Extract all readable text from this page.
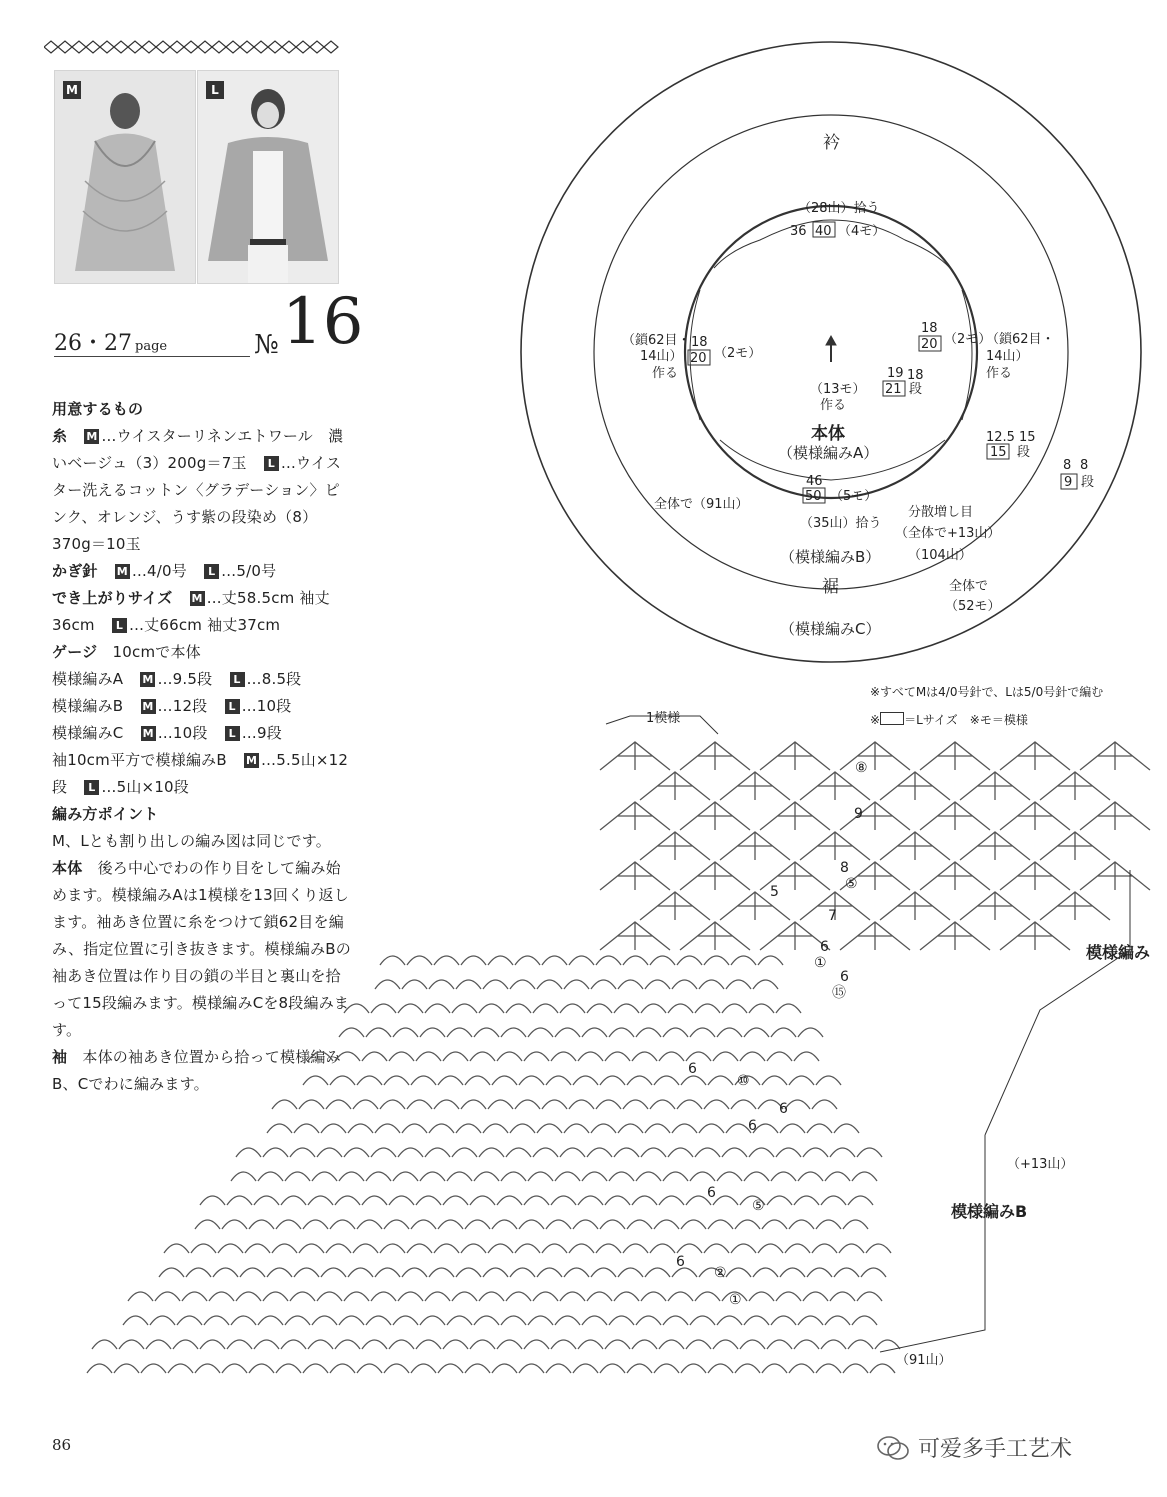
M	L
26・27 page	№ 16

用意するもの

糸　 M …ウイスターリネンエトワール　濃いベージュ（3）200g＝7玉　 L …ウイスター洗えるコットン〈グラデーション〉ピンク、オレンジ、うす紫の段染め（8）370g＝10玉

かぎ針　 M …4/0号　 L …5/0号

でき上がりサイズ　 M …丈58.5cm 袖丈36cm　 L …丈66cm 袖丈37cm

ゲージ　 10cmで本体

模様編みA　 M …9.5段　 L …8.5段

模様編みB　 M …12段　 L …10段

模様編みC　 M …10段　 L …9段

袖10cm平方で模様編みB　 M …5.5山×12段　 L …5山×10段

編み方ポイント

M、Lとも割り出しの編み図は同じです。

本体　 後ろ中心でわの作り目をして編み始めます。模様編みAは1模様を13回くり返します。袖あき位置に糸をつけて鎖62目を編み、指定位置に引き抜きます。模様編みBの袖あき位置は作り目の鎖の半目と裏山を拾って15段編みます。模様編みCを8段編みます。

袖　 本体の袖あき位置から拾って模様編みB、Cでわに編みます。

衿
（28山）拾う
36 40 （4モ）
（鎖62目・
14山）
作る
18
20 （2モ）
18
20 （2モ）
（鎖62目・
14山）
作る
（13モ）
作る
19 18
21 段
本体
（模様編みA）
12.5 15
15 段
8 8
9 段
全体で（91山）
46
50 （5モ）
（35山）拾う
分散増し目
（全体で+13山）
（模様編みB） （104山）
全体で
（52モ）
裾
（模様編みC）
1模様
模様編み
（+13山）
模様編みB
（91山）
9
8
⑤
7
5
6
①
6
⑮
6
⑩
6
6
6
⑤
6
②
①
⑧
※すべてMは4/0号針で、Lは5/0号針で編む
※ ＝Lサイズ　※モ＝模様
86	可爱多手工艺术
